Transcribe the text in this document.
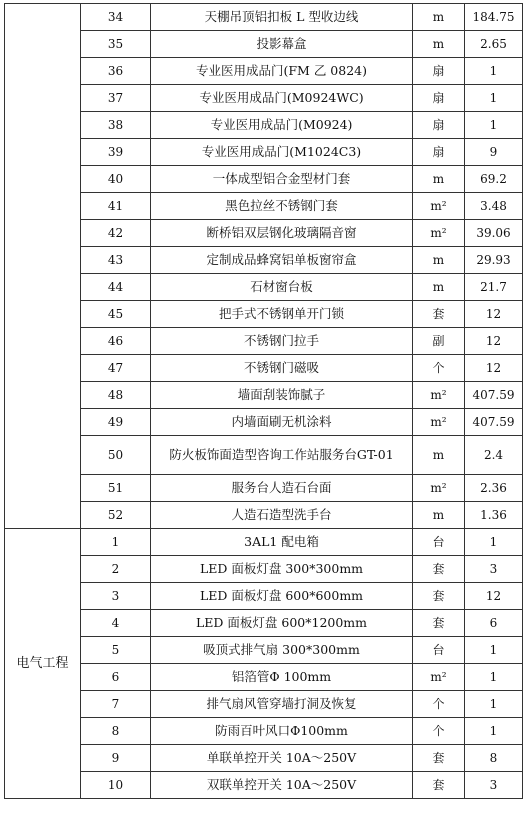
	34	天棚吊顶铝扣板 L 型收边线	m	184.75
	35	投影幕盒	m	2.65
	36	专业医用成品门(FM 乙 0824)	扇	1
	37	专业医用成品门(M0924WC)	扇	1
	38	专业医用成品门(M0924)	扇	1
	39	专业医用成品门(M1024C3)	扇	9
	40	一体成型铝合金型材门套	m	69.2
	41	黑色拉丝不锈钢门套	m²	3.48
	42	断桥铝双层钢化玻璃隔音窗	m²	39.06
	43	定制成品蜂窝铝单板窗帘盒	m	29.93
	44	石材窗台板	m	21.7
	45	把手式不锈钢单开门锁	套	12
	46	不锈钢门拉手	副	12
	47	不锈钢门磁吸	个	12
	48	墙面刮装饰腻子	m²	407.59
	49	内墙面刷无机涂料	m²	407.59
	50	防火板饰面造型咨询工作站服务台GT-01	m	2.4
	51	服务台人造石台面	m²	2.36
	52	人造石造型洗手台	m	1.36
电气工程	1	3AL1 配电箱	台	1
	2	LED 面板灯盘 300*300mm	套	3
	3	LED 面板灯盘 600*600mm	套	12
	4	LED 面板灯盘 600*1200mm	套	6
	5	吸顶式排气扇 300*300mm	台	1
	6	铝箔管Φ 100mm	m²	1
	7	排气扇风管穿墙打洞及恢复	个	1
	8	防雨百叶风口Φ100mm	个	1
	9	单联单控开关 10A～250V	套	8
	10	双联单控开关 10A～250V	套	3
